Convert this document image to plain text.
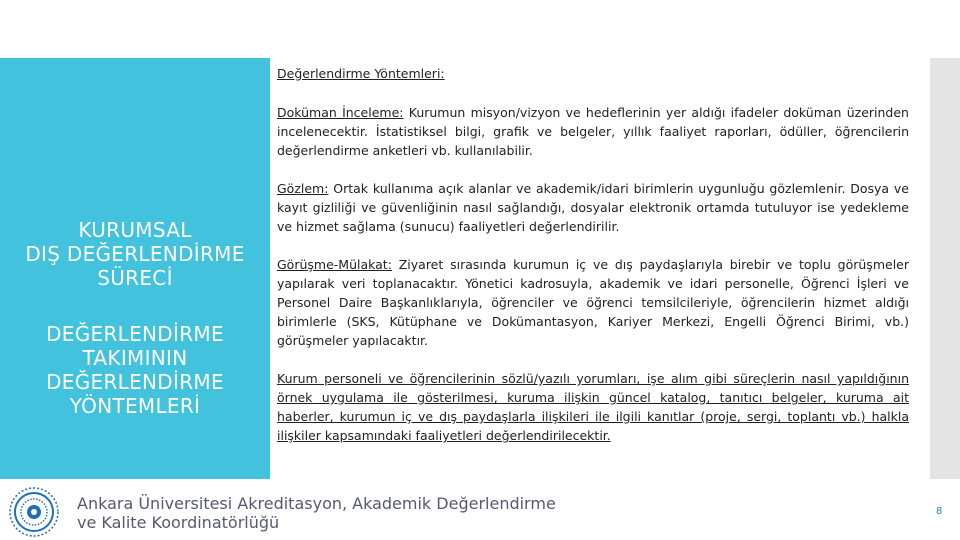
KURUMSAL
DIŞ DEĞERLENDİRME
SÜRECİ
DEĞERLENDİRME
TAKIMININ
DEĞERLENDİRME
YÖNTEMLERİ

Değerlendirme Yöntemleri:

Doküman İnceleme: Kurumun misyon/vizyon ve hedeflerinin yer aldığı ifadeler doküman üzerinden incelenecektir. İstatistiksel bilgi, grafik ve belgeler, yıllık faaliyet raporları, ödüller, öğrencilerin değerlendirme anketleri vb. kullanılabilir.

Gözlem: Ortak kullanıma açık alanlar ve akademik/idari birimlerin uygunluğu gözlemlenir. Dosya ve kayıt gizliliği ve güvenliğinin nasıl sağlandığı, dosyalar elektronik ortamda tutuluyor ise yedekleme ve hizmet sağlama (sunucu) faaliyetleri değerlendirilir.

Görüşme-Mülakat: Ziyaret sırasında kurumun iç ve dış paydaşlarıyla birebir ve toplu görüşmeler yapılarak veri toplanacaktır. Yönetici kadrosuyla, akademik ve idari personelle, Öğrenci İşleri ve Personel Daire Başkanlıklarıyla, öğrenciler ve öğrenci temsilcileriyle, öğrencilerin hizmet aldığı birimlerle (SKS, Kütüphane ve Dokümantasyon, Kariyer Merkezi, Engelli Öğrenci Birimi, vb.) görüşmeler yapılacaktır.

Kurum personeli ve öğrencilerinin sözlü/yazılı yorumları, işe alım gibi süreçlerin nasıl yapıldığının örnek uygulama ile gösterilmesi, kuruma ilişkin güncel katalog, tanıtıcı belgeler, kuruma ait haberler, kurumun iç ve dış paydaşlarla ilişkileri ile ilgili kanıtlar (proje, sergi, toplantı vb.) halkla ilişkiler kapsamındaki faaliyetleri değerlendirilecektir.

Ankara Üniversitesi Akreditasyon, Akademik Değerlendirme
ve Kalite Koordinatörlüğü
8
